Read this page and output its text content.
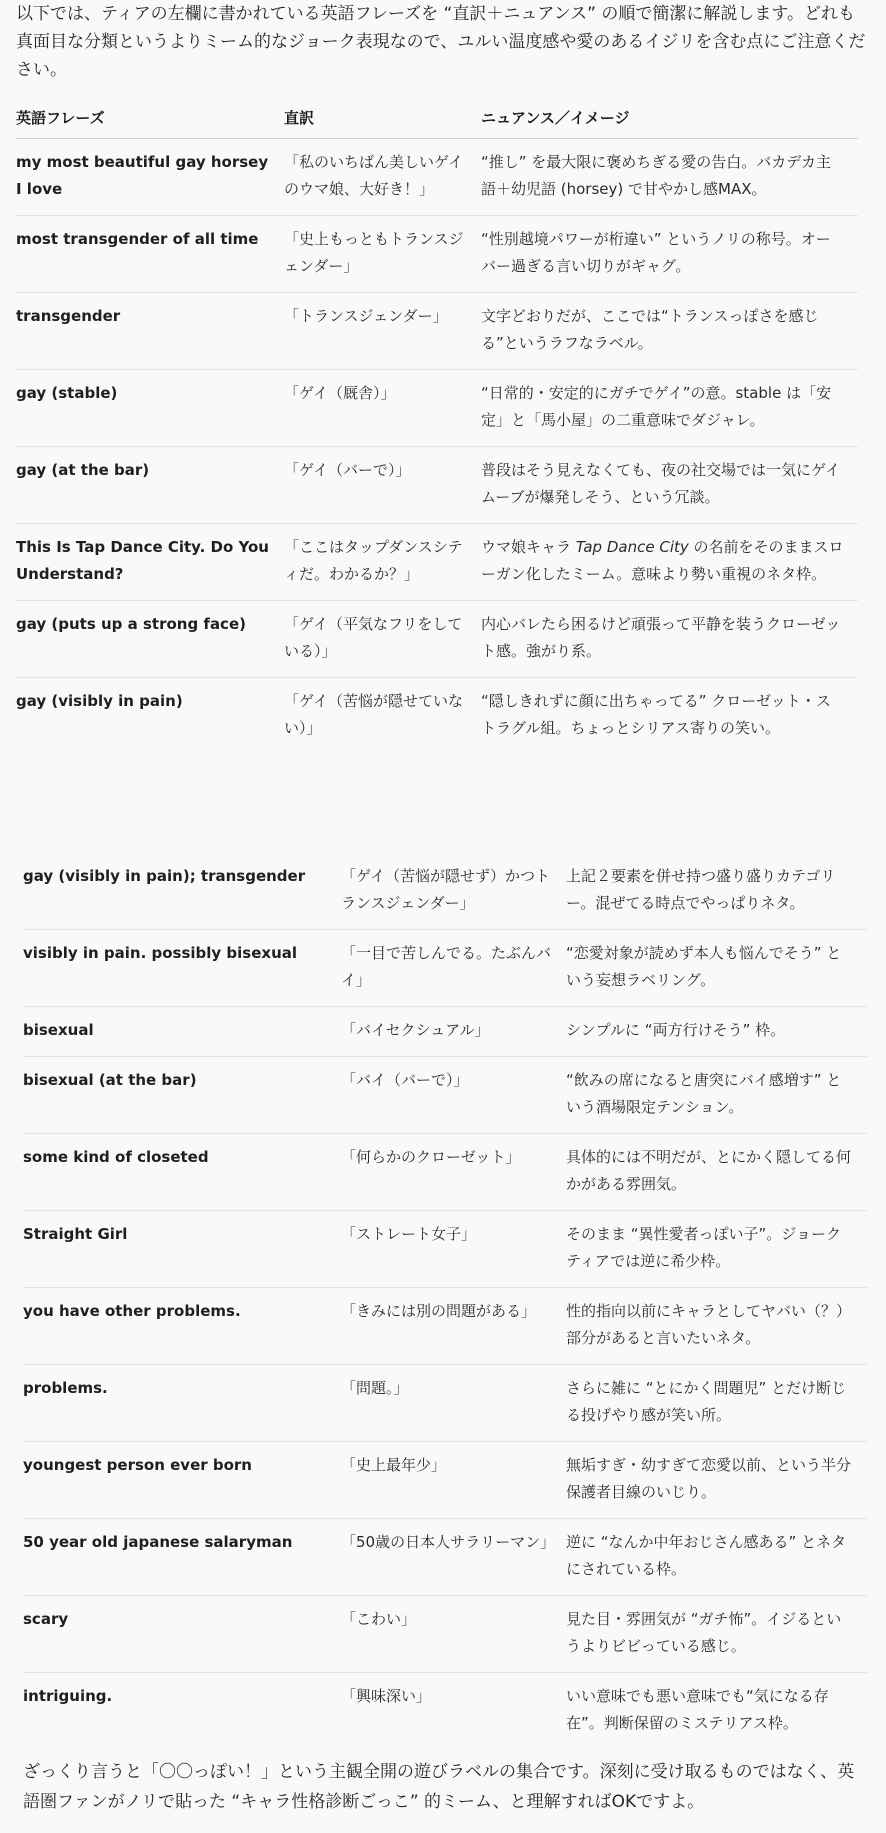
以下では、ティアの左欄に書かれている英語フレーズを “直訳＋ニュアンス” の順で簡潔に解説します。どれも真面目な分類というよりミーム的なジョーク表現なので、ユルい温度感や愛のあるイジリを含む点にご注意ください。

英語フレーズ	直訳	ニュアンス／イメージ
my most beautiful gay horsey I love	「私のいちばん美しいゲイのウマ娘、大好き！」	“推し” を最大限に褒めちぎる愛の告白。バカデカ主語＋幼児語 (horsey) で甘やかし感MAX。
most transgender of all time	「史上もっともトランスジェンダー」	“性別越境パワーが桁違い” というノリの称号。オーバー過ぎる言い切りがギャグ。
transgender	「トランスジェンダー」	文字どおりだが、ここでは“トランスっぽさを感じる”というラフなラベル。
gay (stable)	「ゲイ（厩舎）」	“日常的・安定的にガチでゲイ”の意。stable は「安定」と「馬小屋」の二重意味でダジャレ。
gay (at the bar)	「ゲイ（バーで）」	普段はそう見えなくても、夜の社交場では一気にゲイムーブが爆発しそう、という冗談。
This Is Tap Dance City. Do You Understand?	「ここはタップダンスシティだ。わかるか？」	ウマ娘キャラ Tap Dance City の名前をそのままスローガン化したミーム。意味より勢い重視のネタ枠。
gay (puts up a strong face)	「ゲイ（平気なフリをしている）」	内心バレたら困るけど頑張って平静を装うクローゼット感。強がり系。
gay (visibly in pain)	「ゲイ（苦悩が隠せていない）」	“隠しきれずに顔に出ちゃってる” クローゼット・ストラグル組。ちょっとシリアス寄りの笑い。
gay (visibly in pain); transgender	「ゲイ（苦悩が隠せず）かつトランスジェンダー」	上記２要素を併せ持つ盛り盛りカテゴリー。混ぜてる時点でやっぱりネタ。
visibly in pain. possibly bisexual	「一目で苦しんでる。たぶんバイ」	“恋愛対象が読めず本人も悩んでそう” という妄想ラベリング。
bisexual	「バイセクシュアル」	シンプルに “両方行けそう” 枠。
bisexual (at the bar)	「バイ（バーで）」	“飲みの席になると唐突にバイ感増す” という酒場限定テンション。
some kind of closeted	「何らかのクローゼット」	具体的には不明だが、とにかく隠してる何かがある雰囲気。
Straight Girl	「ストレート女子」	そのまま “異性愛者っぽい子”。ジョークティアでは逆に希少枠。
you have other problems.	「きみには別の問題がある」	性的指向以前にキャラとしてヤバい（？）部分があると言いたいネタ。
problems.	「問題。」	さらに雑に “とにかく問題児” とだけ断じる投げやり感が笑い所。
youngest person ever born	「史上最年少」	無垢すぎ・幼すぎて恋愛以前、という半分保護者目線のいじり。
50 year old japanese salaryman	「50歳の日本人サラリーマン」	逆に “なんか中年おじさん感ある” とネタにされている枠。
scary	「こわい」	見た目・雰囲気が “ガチ怖”。イジるというよりビビっている感じ。
intriguing.	「興味深い」	いい意味でも悪い意味でも“気になる存在”。判断保留のミステリアス枠。

ざっくり言うと「〇〇っぽい！」という主観全開の遊びラベルの集合です。深刻に受け取るものではなく、英語圏ファンがノリで貼った “キャラ性格診断ごっこ” 的ミーム、と理解すればOKですよ。
